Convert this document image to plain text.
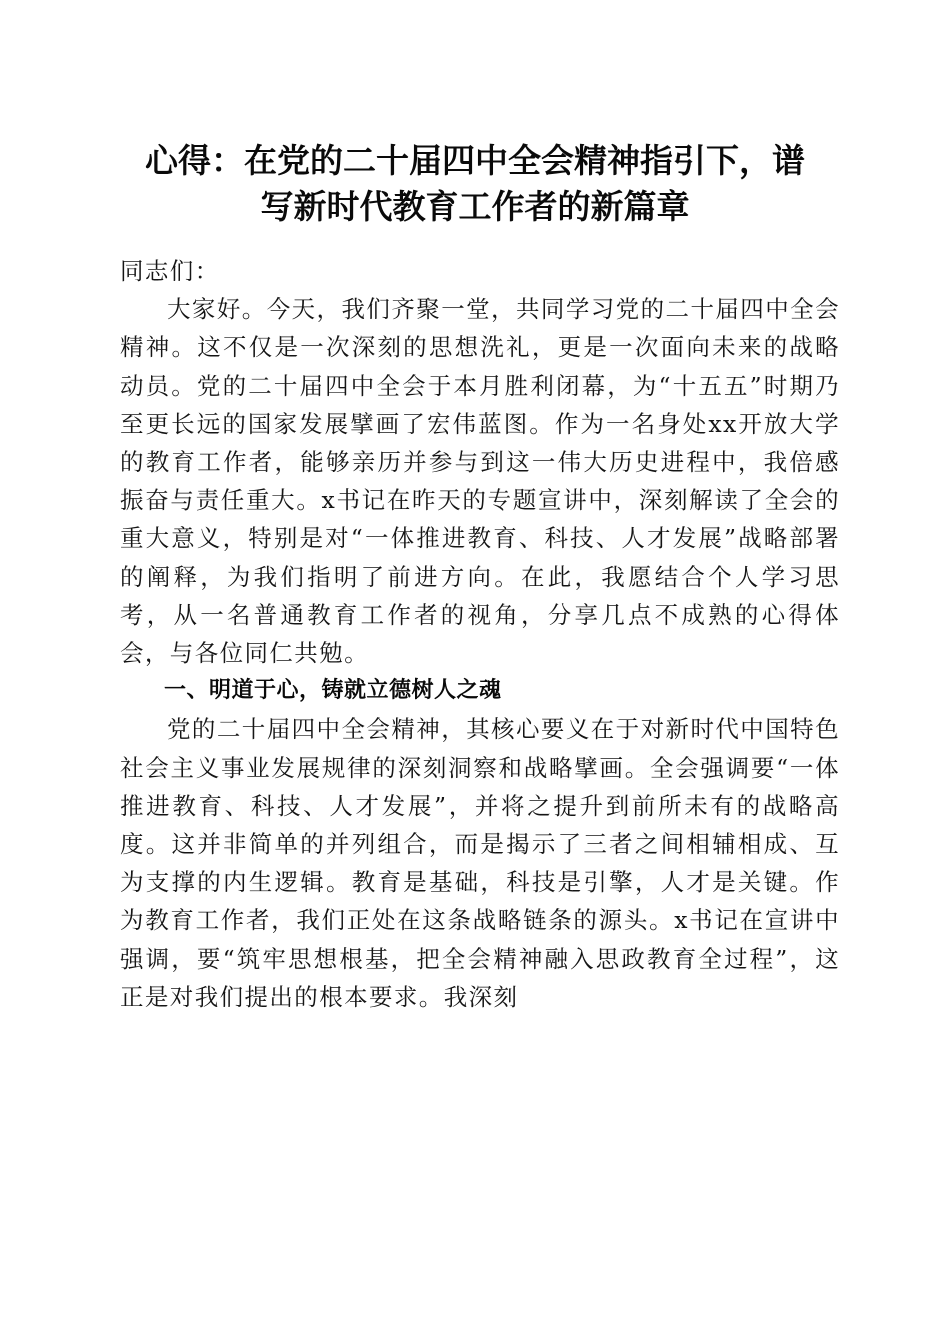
心得：在党的二十届四中全会精神指引下，谱
写新时代教育工作者的新篇章

同志们：

大家好。今天，我们齐聚一堂，共同学习党的二十届四中全会精神。这不仅是一次深刻的思想洗礼，更是一次面向未来的战略动员。党的二十届四中全会于本月胜利闭幕，为“十五五”时期乃至更长远的国家发展擘画了宏伟蓝图。作为一名身处xx开放大学的教育工作者，能够亲历并参与到这一伟大历史进程中，我倍感振奋与责任重大。x书记在昨天的专题宣讲中，深刻解读了全会的重大意义，特别是对“一体推进教育、科技、人才发展”战略部署的阐释，为我们指明了前进方向。在此，我愿结合个人学习思考，从一名普通教育工作者的视角，分享几点不成熟的心得体会，与各位同仁共勉。

一、明道于心，铸就立德树人之魂

党的二十届四中全会精神，其核心要义在于对新时代中国特色社会主义事业发展规律的深刻洞察和战略擘画。全会强调要“一体推进教育、科技、人才发展”，并将之提升到前所未有的战略高度。这并非简单的并列组合，而是揭示了三者之间相辅相成、互为支撑的内生逻辑。教育是基础，科技是引擎，人才是关键。作为教育工作者，我们正处在这条战略链条的源头。x书记在宣讲中强调，要“筑牢思想根基，把全会精神融入思政教育全过程”，这正是对我们提出的根本要求。我深刻
